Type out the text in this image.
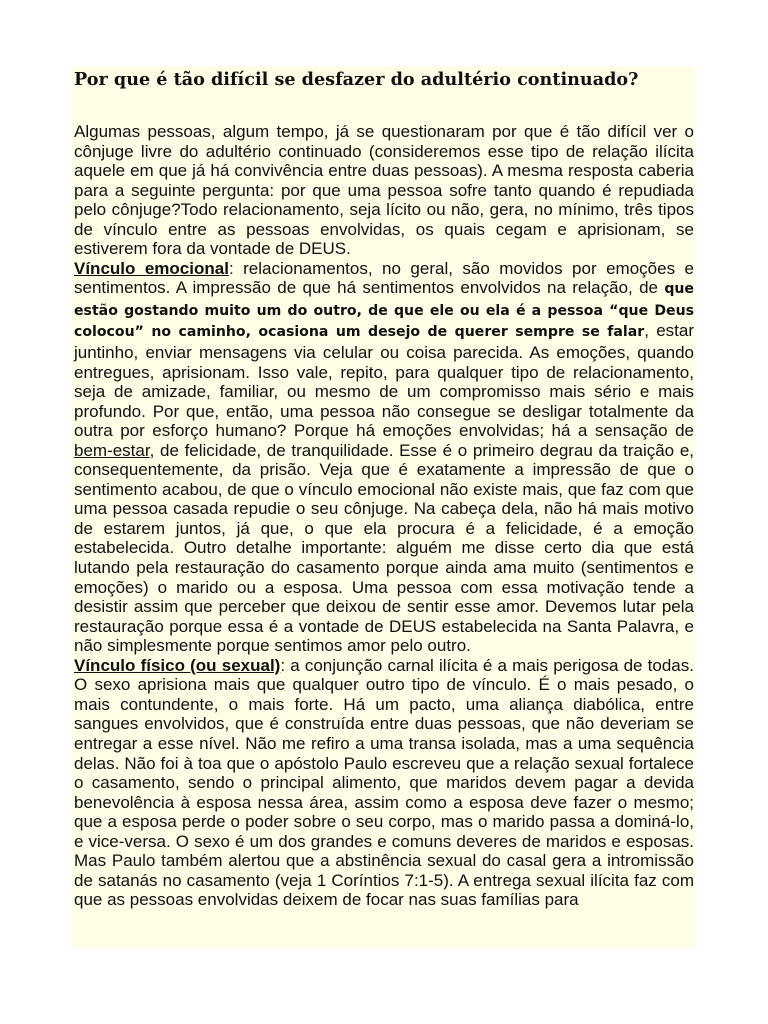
Por que é tão difícil se desfazer do adultério continuado?

Algumas pessoas, algum tempo, já se questionaram por que é tão difícil ver o cônjuge livre do adultério continuado (consideremos esse tipo de relação ilícita aquele em que já há convivência entre duas pessoas). A mesma resposta caberia para a seguinte pergunta: por que uma pessoa sofre tanto quando é repudiada pelo cônjuge?Todo relacionamento, seja lícito ou não, gera, no mínimo, três tipos de vínculo entre as pessoas envolvidas, os quais cegam e aprisionam, se estiverem fora da vontade de DEUS.

Vínculo emocional: relacionamentos, no geral, são movidos por emoções e sentimentos. A impressão de que há sentimentos envolvidos na relação, de que estão gostando muito um do outro, de que ele ou ela é a pessoa “que Deus colocou” no caminho, ocasiona um desejo de querer sempre se falar, estar juntinho, enviar mensagens via celular ou coisa parecida. As emoções, quando entregues, aprisionam. Isso vale, repito, para qualquer tipo de relacionamento, seja de amizade, familiar, ou mesmo de um compromisso mais sério e mais profundo. Por que, então, uma pessoa não consegue se desligar totalmente da outra por esforço humano? Porque há emoções envolvidas; há a sensação de bem-estar, de felicidade, de tranquilidade. Esse é o primeiro degrau da traição e, consequentemente, da prisão. Veja que é exatamente a impressão de que o sentimento acabou, de que o vínculo emocional não existe mais, que faz com que uma pessoa casada repudie o seu cônjuge. Na cabeça dela, não há mais motivo de estarem juntos, já que, o que ela procura é a felicidade, é a emoção estabelecida. Outro detalhe importante: alguém me disse certo dia que está lutando pela restauração do casamento porque ainda ama muito (sentimentos e emoções) o marido ou a esposa. Uma pessoa com essa motivação tende a desistir assim que perceber que deixou de sentir esse amor. Devemos lutar pela restauração porque essa é a vontade de DEUS estabelecida na Santa Palavra, e não simplesmente porque sentimos amor pelo outro.

Vínculo físico (ou sexual): a conjunção carnal ilícita é a mais perigosa de todas. O sexo aprisiona mais que qualquer outro tipo de vínculo. É o mais pesado, o mais contundente, o mais forte. Há um pacto, uma aliança diabólica, entre sangues envolvidos, que é construída entre duas pessoas, que não deveriam se entregar a esse nível. Não me refiro a uma transa isolada, mas a uma sequência delas. Não foi à toa que o apóstolo Paulo escreveu que a relação sexual fortalece o casamento, sendo o principal alimento, que maridos devem pagar a devida benevolência à esposa nessa área, assim como a esposa deve fazer o mesmo; que a esposa perde o poder sobre o seu corpo, mas o marido passa a dominá-lo, e vice-versa. O sexo é um dos grandes e comuns deveres de maridos e esposas. Mas Paulo também alertou que a abstinência sexual do casal gera a intromissão de satanás no casamento (veja 1 Coríntios 7:1-5). A entrega sexual ilícita faz com que as pessoas envolvidas deixem de focar nas suas famílias para
